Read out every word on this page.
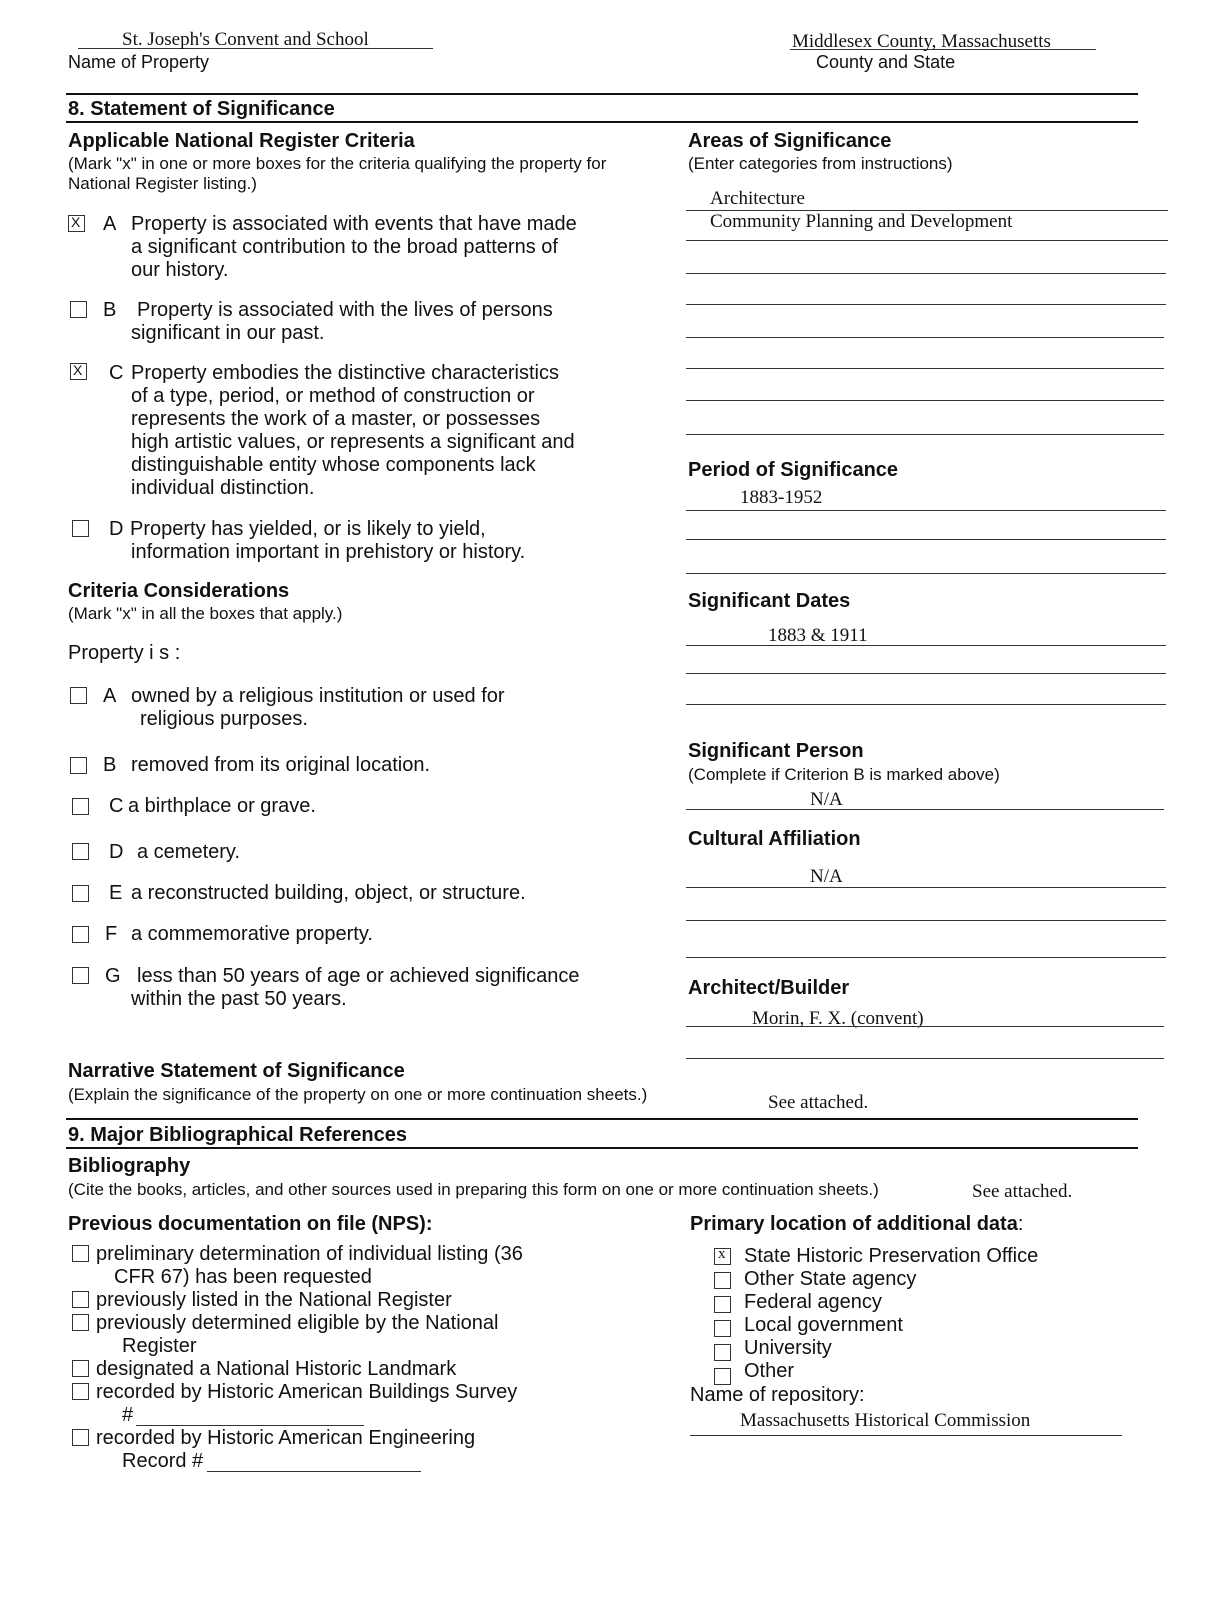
St. Joseph's Convent and School
Name of Property
Middlesex County, Massachusetts
County and State
8. Statement of Significance
Applicable National Register Criteria
(Mark "x" in one or more boxes for the criteria qualifying the property for National Register listing.)
X
A Property is associated with events that have made
a significant contribution to the broad patterns of
our history.
B Property is associated with the lives of persons
significant in our past.
X
C Property embodies the distinctive characteristics
of a type, period, or method of construction or
represents the work of a master, or possesses
high artistic values, or represents a significant and
distinguishable entity whose components lack
individual distinction.
D Property has yielded, or is likely to yield,
information important in prehistory or history.
Criteria Considerations
(Mark "x" in all the boxes that apply.)
Property i s :
A owned by a religious institution or used for
religious purposes.
B removed from its original location.
C a birthplace or grave.
D a cemetery.
E a reconstructed building, object, or structure.
F a commemorative property.
G less than 50 years of age or achieved significance
within the past 50 years.
Areas of Significance
(Enter categories from instructions)
Architecture
Community Planning and Development
Period of Significance
1883-1952
Significant Dates
1883 & 1911
Significant Person
(Complete if Criterion B is marked above)
N/A
Cultural Affiliation
N/A
Architect/Builder
Morin, F. X. (convent)
Narrative Statement of Significance
(Explain the significance of the property on one or more continuation sheets.)	See attached.
9. Major Bibliographical References
Bibliography
(Cite the books, articles, and other sources used in preparing this form on one or more continuation sheets.)	See attached.
Previous documentation on file (NPS):
preliminary determination of individual listing (36
CFR 67) has been requested
previously listed in the National Register
previously determined eligible by the National
Register
designated a National Historic Landmark
recorded by Historic American Buildings Survey
#
recorded by Historic American Engineering
Record #
Primary location of additional data:
x
State Historic Preservation Office
Other State agency
Federal agency
Local government
University
Other
Name of repository:
Massachusetts Historical Commission
